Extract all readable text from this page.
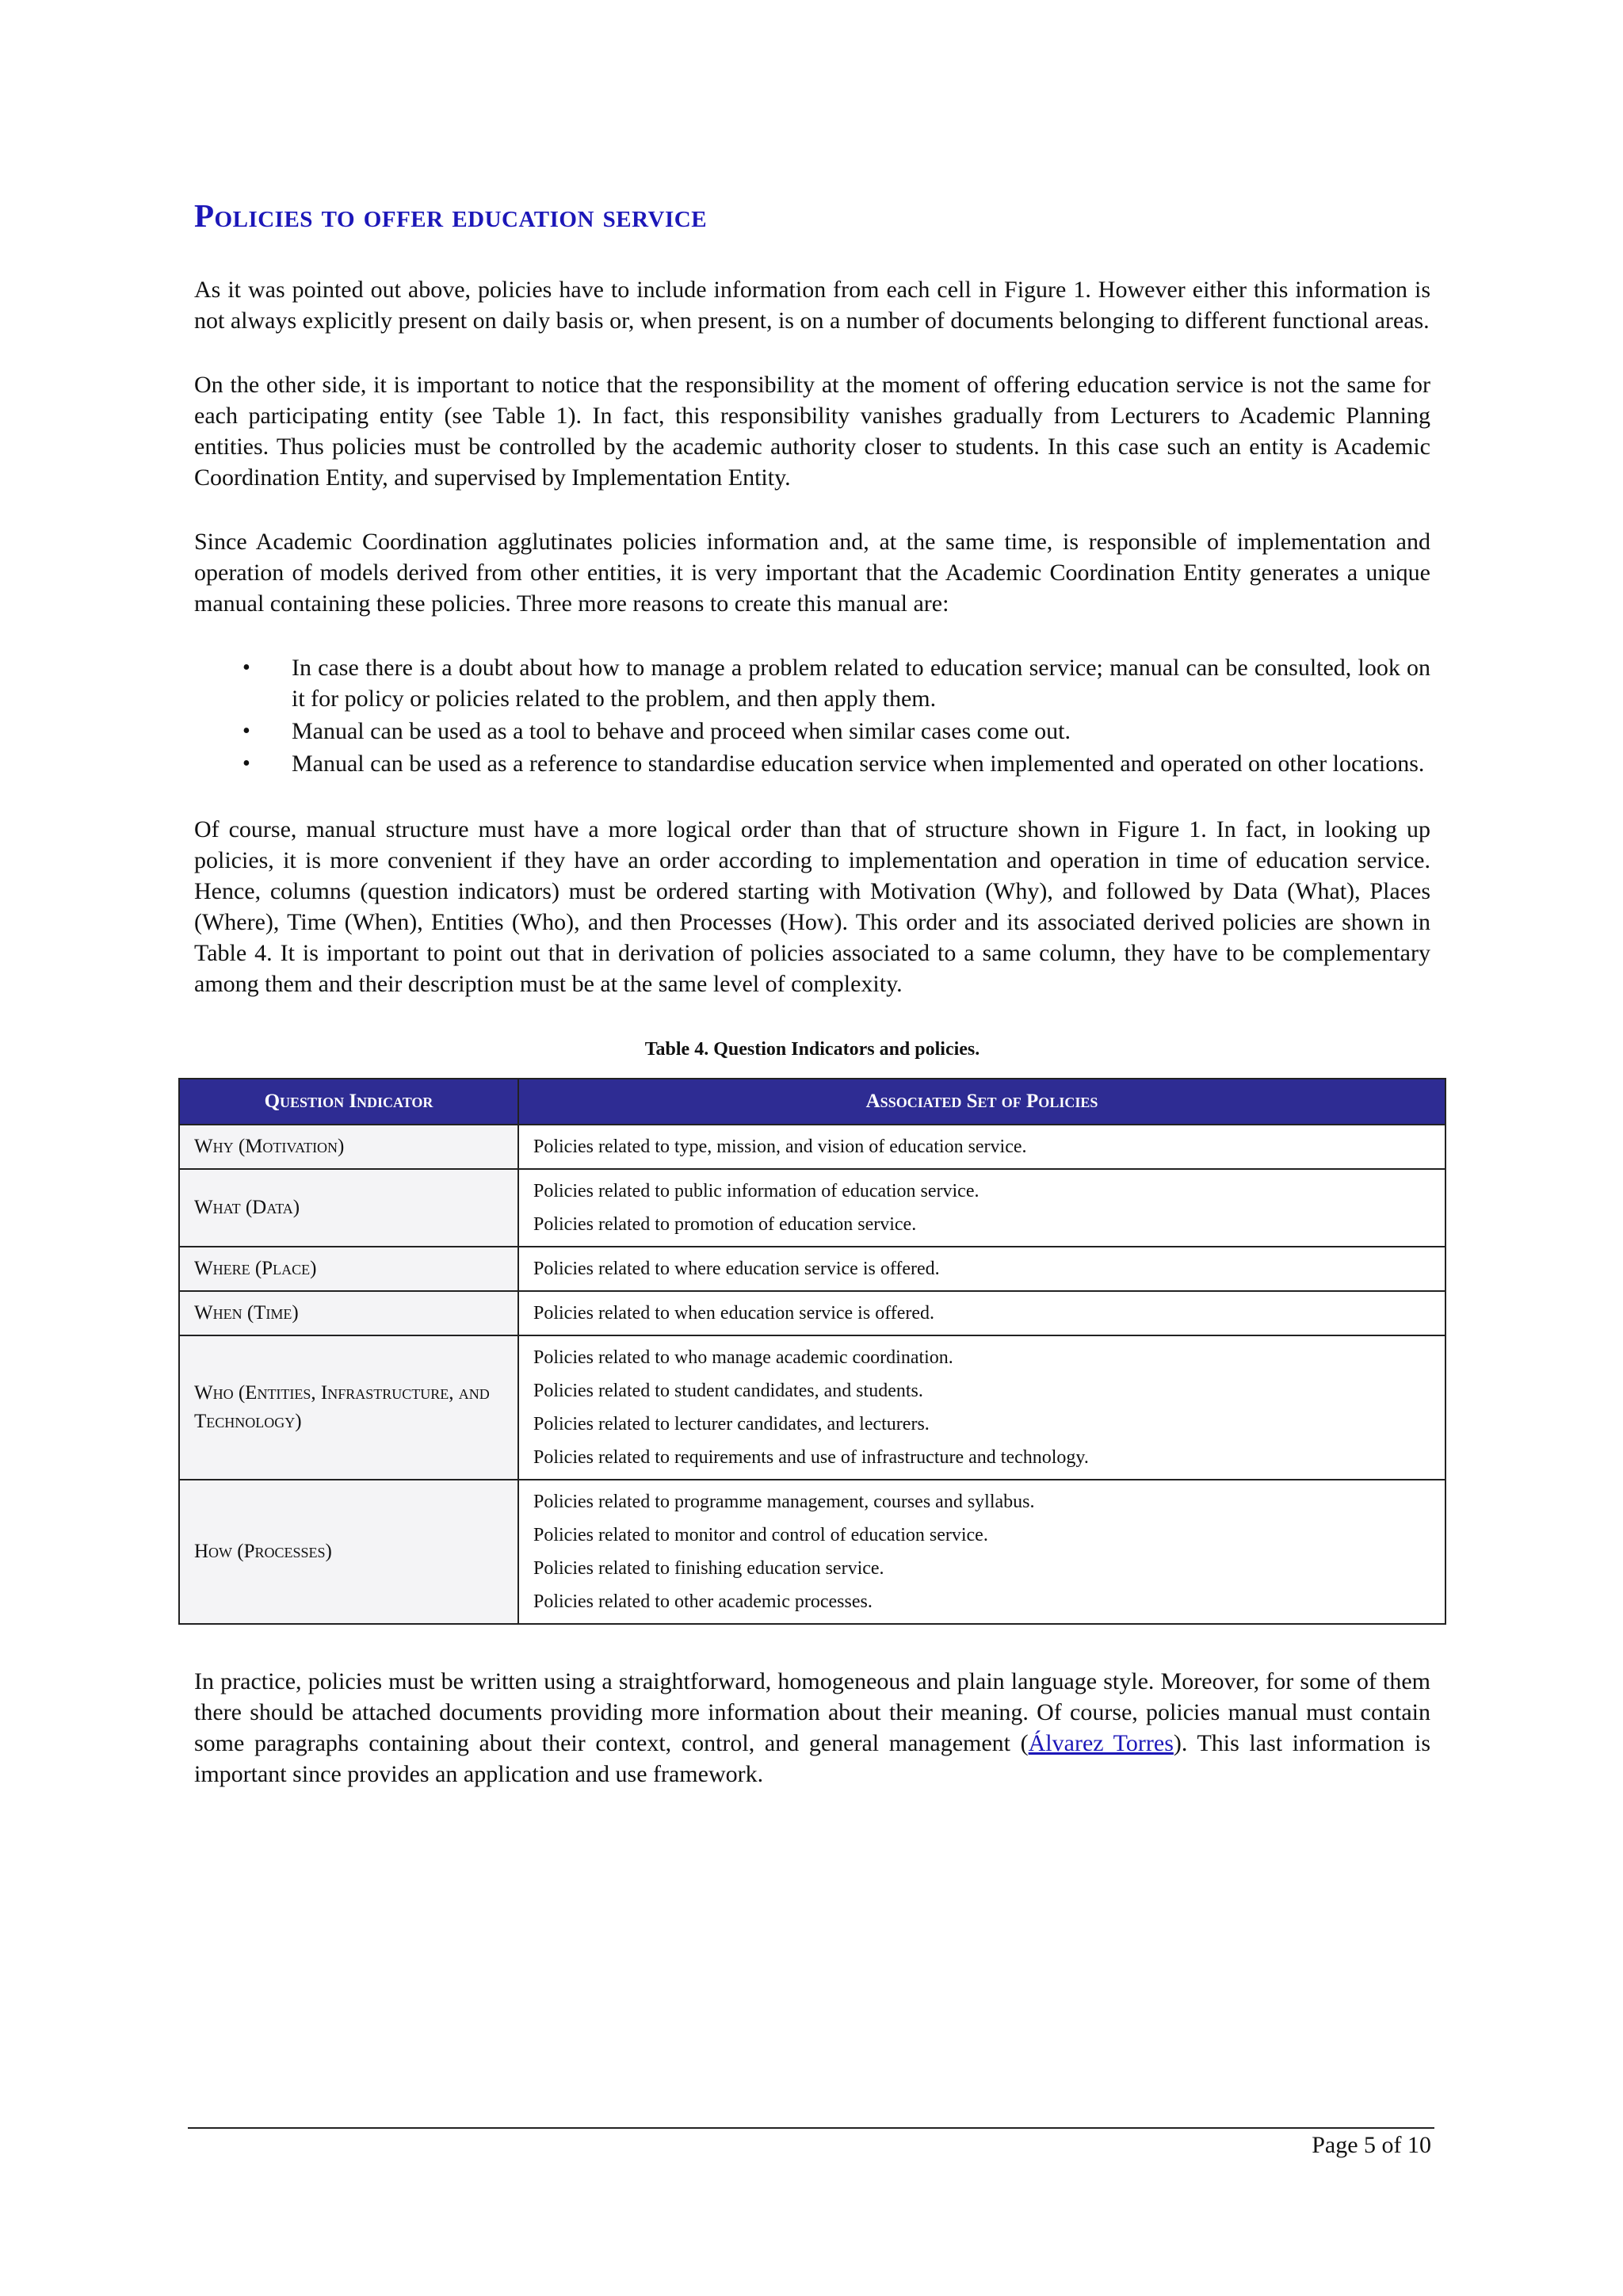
Policies to offer education service

As it was pointed out above, policies have to include information from each cell in Figure 1. However either this information is not always explicitly present on daily basis or, when present, is on a number of documents belonging to different functional areas.

On the other side, it is important to notice that the responsibility at the moment of offering education service is not the same for each participating entity (see Table 1). In fact, this responsibility vanishes gradually from Lecturers to Academic Planning entities. Thus policies must be controlled by the academic authority closer to students. In this case such an entity is Academic Coordination Entity, and supervised by Implementation Entity.

Since Academic Coordination agglutinates policies information and, at the same time, is responsible of implementation and operation of models derived from other entities, it is very important that the Academic Coordination Entity generates a unique manual containing these policies. Three more reasons to create this manual are:

• In case there is a doubt about how to manage a problem related to education service; manual can be consulted, look on it for policy or policies related to the problem, and then apply them.
• Manual can be used as a tool to behave and proceed when similar cases come out.
• Manual can be used as a reference to standardise education service when implemented and operated on other locations.

Of course, manual structure must have a more logical order than that of structure shown in Figure 1. In fact, in looking up policies, it is more convenient if they have an order according to implementation and operation in time of education service. Hence, columns (question indicators) must be ordered starting with Motivation (Why), and followed by Data (What), Places (Where), Time (When), Entities (Who), and then Processes (How). This order and its associated derived policies are shown in Table 4. It is important to point out that in derivation of policies associated to a same column, they have to be complementary among them and their description must be at the same level of complexity.

Table 4. Question Indicators and policies.
Question Indicator	Associated Set of Policies
Why (Motivation)	Policies related to type, mission, and vision of education service.

What (Data)	Policies related to public information of education service.
Policies related to promotion of education service.

Where (Place)	Policies related to where education service is offered.

When (Time)	Policies related to when education service is offered.

Who (Entities, Infrastructure, and Technology)	Policies related to who manage academic coordination.
Policies related to student candidates, and students.
Policies related to lecturer candidates, and lecturers.
Policies related to requirements and use of infrastructure and technology.

How (Processes)	Policies related to programme management, courses and syllabus.
Policies related to monitor and control of education service.
Policies related to finishing education service.
Policies related to other academic processes.

In practice, policies must be written using a straightforward, homogeneous and plain language style. Moreover, for some of them there should be attached documents providing more information about their meaning. Of course, policies manual must contain some paragraphs containing about their context, control, and general management (Álvarez Torres). This last information is important since provides an application and use framework.

Page 5 of 10
